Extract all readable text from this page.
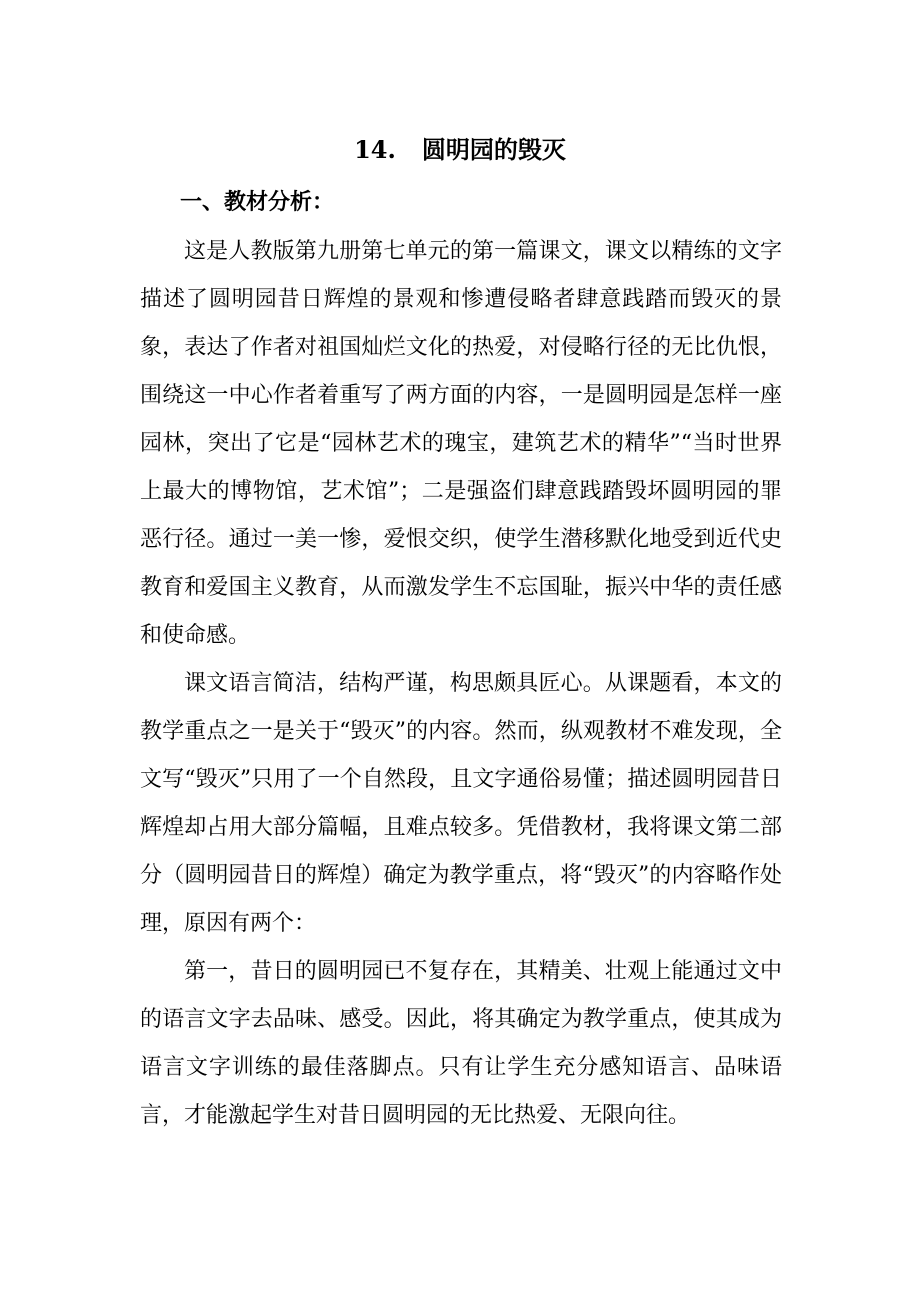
14. 圆明园的毁灭
一、教材分析：

这是人教版第九册第七单元的第一篇课文，课文以精练的文字描述了圆明园昔日辉煌的景观和惨遭侵略者肆意践踏而毁灭的景象，表达了作者对祖国灿烂文化的热爱，对侵略行径的无比仇恨，围绕这一中心作者着重写了两方面的内容，一是圆明园是怎样一座园林，突出了它是“园林艺术的瑰宝，建筑艺术的精华”“当时世界上最大的博物馆，艺术馆”；二是强盗们肆意践踏毁坏圆明园的罪恶行径。通过一美一惨，爱恨交织，使学生潜移默化地受到近代史教育和爱国主义教育，从而激发学生不忘国耻，振兴中华的责任感和使命感。

课文语言简洁，结构严谨，构思颇具匠心。从课题看，本文的教学重点之一是关于“毁灭”的内容。然而，纵观教材不难发现，全文写“毁灭”只用了一个自然段，且文字通俗易懂；描述圆明园昔日辉煌却占用大部分篇幅，且难点较多。凭借教材，我将课文第二部分（圆明园昔日的辉煌）确定为教学重点，将“毁灭”的内容略作处理，原因有两个：

第一，昔日的圆明园已不复存在，其精美、壮观上能通过文中的语言文字去品味、感受。因此，将其确定为教学重点，使其成为语言文字训练的最佳落脚点。只有让学生充分感知语言、品味语言，才能激起学生对昔日圆明园的无比热爱、无限向往。
